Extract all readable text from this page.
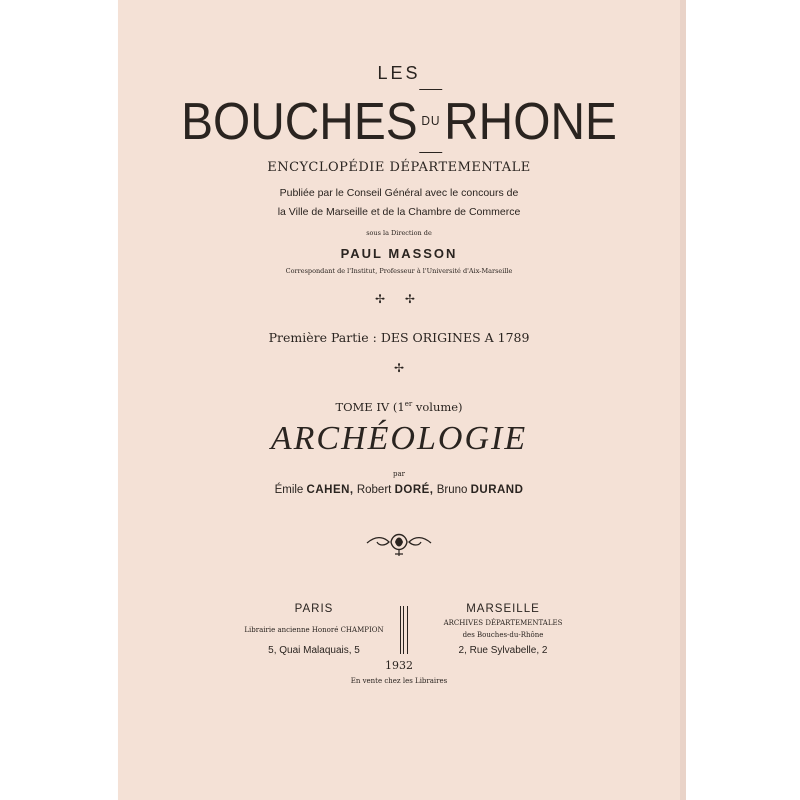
LES
BOUCHES DURHONE
ENCYCLOPÉDIE DÉPARTEMENTALE
Publiée par le Conseil Général avec le concours de
la Ville de Marseille et de la Chambre de Commerce
sous la Direction de
PAUL MASSON
Correspondant de l'Institut, Professeur à l'Université d'Aix-Marseille
✢ ✢
Première Partie : DES ORIGINES A 1789
✢
TOME IV (1er volume)
ARCHÉOLOGIE
par
Émile CAHEN, Robert DORÉ, Bruno DURAND
PARIS
Librairie ancienne Honoré CHAMPION
5, Quai Malaquais, 5
MARSEILLE
ARCHIVES DÉPARTEMENTALES
des Bouches-du-Rhône
2, Rue Sylvabelle, 2
1932
En vente chez les Libraires
